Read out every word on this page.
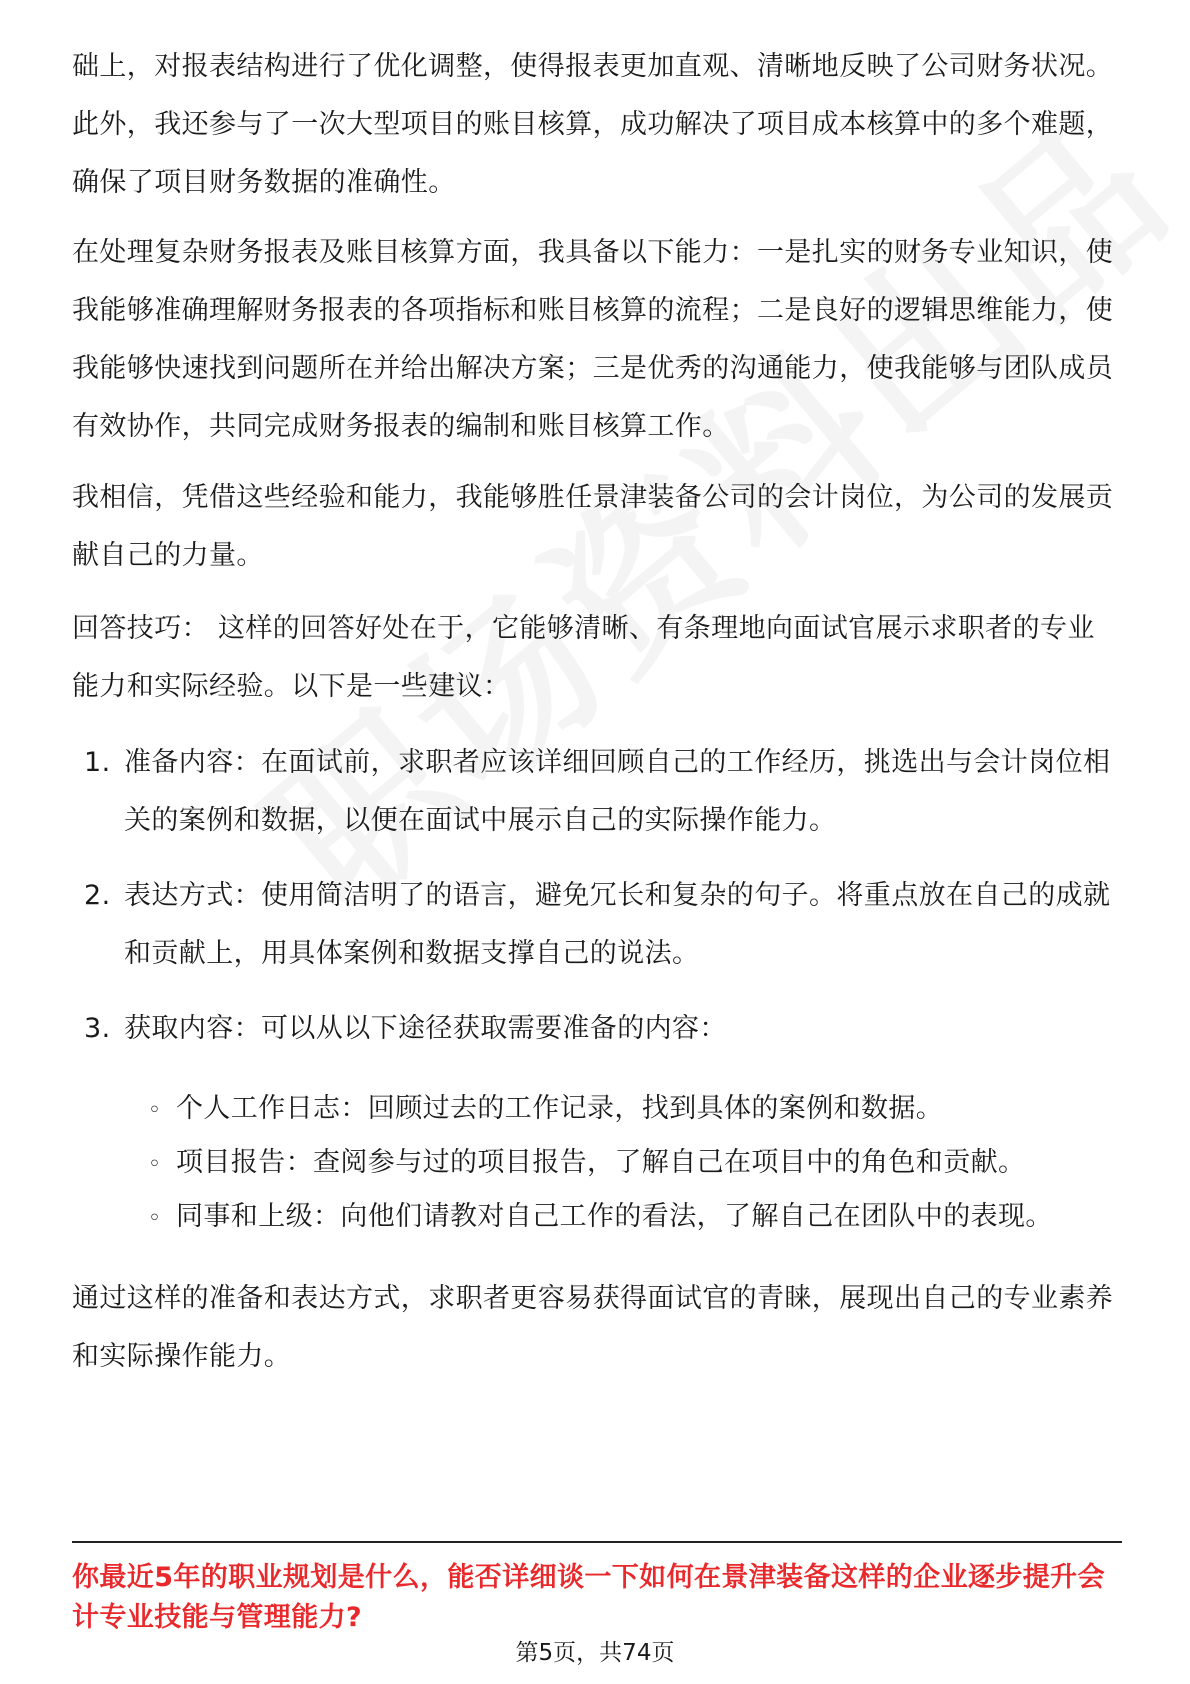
础上，对报表结构进行了优化调整，使得报表更加直观、清晰地反映了公司财务状况。此外，我还参与了一次大型项目的账目核算，成功解决了项目成本核算中的多个难题，确保了项目财务数据的准确性。

在处理复杂财务报表及账目核算方面，我具备以下能力：一是扎实的财务专业知识，使我能够准确理解财务报表的各项指标和账目核算的流程；二是良好的逻辑思维能力，使我能够快速找到问题所在并给出解决方案；三是优秀的沟通能力，使我能够与团队成员有效协作，共同完成财务报表的编制和账目核算工作。

我相信，凭借这些经验和能力，我能够胜任景津装备公司的会计岗位，为公司的发展贡献自己的力量。

回答技巧： 这样的回答好处在于，它能够清晰、有条理地向面试官展示求职者的专业能力和实际经验。以下是一些建议：

1. 准备内容：在面试前，求职者应该详细回顾自己的工作经历，挑选出与会计岗位相关的案例和数据，以便在面试中展示自己的实际操作能力。
2. 表达方式：使用简洁明了的语言，避免冗长和复杂的句子。将重点放在自己的成就和贡献上，用具体案例和数据支撑自己的说法。
3. 获取内容：可以从以下途径获取需要准备的内容：
◦ 个人工作日志：回顾过去的工作记录，找到具体的案例和数据。
◦ 项目报告：查阅参与过的项目报告，了解自己在项目中的角色和贡献。
◦ 同事和上级：向他们请教对自己工作的看法，了解自己在团队中的表现。

通过这样的准备和表达方式，求职者更容易获得面试官的青睐，展现出自己的专业素养和实际操作能力。

你最近5年的职业规划是什么，能否详细谈一下如何在景津装备这样的企业逐步提升会计专业技能与管理能力?
第5页，共74页
